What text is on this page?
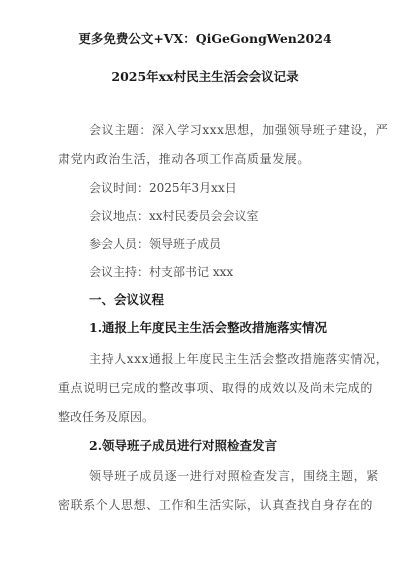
更多免费公文+VX：QiGeGongWen2024
2025年xx村民主生活会会议记录
会议主题：深入学习xxx思想，加强领导班子建设，严
肃党内政治生活，推动各项工作高质量发展。
会议时间：2025年3月xx日
会议地点：xx村民委员会会议室
参会人员：领导班子成员
会议主持：村支部书记 xxx
一、会议议程
1.通报上年度民主生活会整改措施落实情况
主持人xxx通报上年度民主生活会整改措施落实情况，
重点说明已完成的整改事项、取得的成效以及尚未完成的
整改任务及原因。
2.领导班子成员进行对照检查发言
领导班子成员逐一进行对照检查发言，围绕主题，紧
密联系个人思想、工作和生活实际，认真查找自身存在的
